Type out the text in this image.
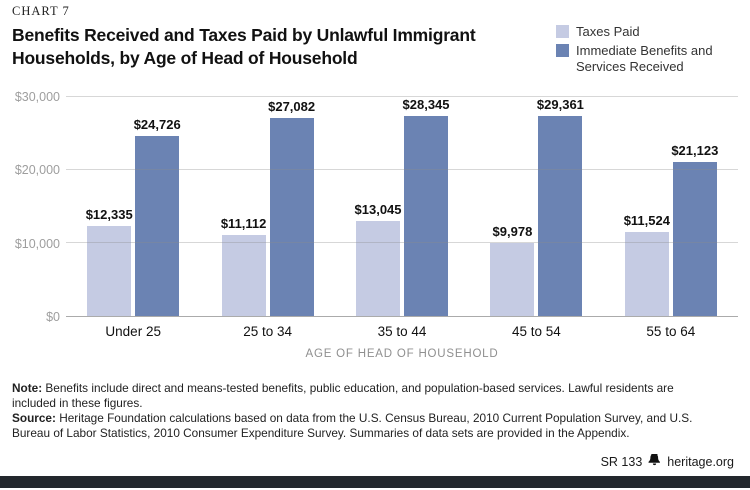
CHART 7
Benefits Received and Taxes Paid by Unlawful Immigrant
Households, by Age of Head of Household
Taxes Paid
Immediate Benefits and Services Received
$0
$10,000
$20,000
$30,000
$12,335
$24,726
$11,112
$27,082
$13,045
$28,345
$9,978
$29,361
$11,524
$21,123
Under 25	25 to 34	35 to 44	45 to 54	55 to 64
AGE OF HEAD OF HOUSEHOLD

Note: Benefits include direct and means-tested benefits, public education, and population-based services. Lawful residents are included in these figures.

Source: Heritage Foundation calculations based on data from the U.S. Census Bureau, 2010 Current Population Survey, and U.S. Bureau of Labor Statistics, 2010 Consumer Expenditure Survey. Summaries of data sets are provided in the Appendix.

SR 133 heritage.org
